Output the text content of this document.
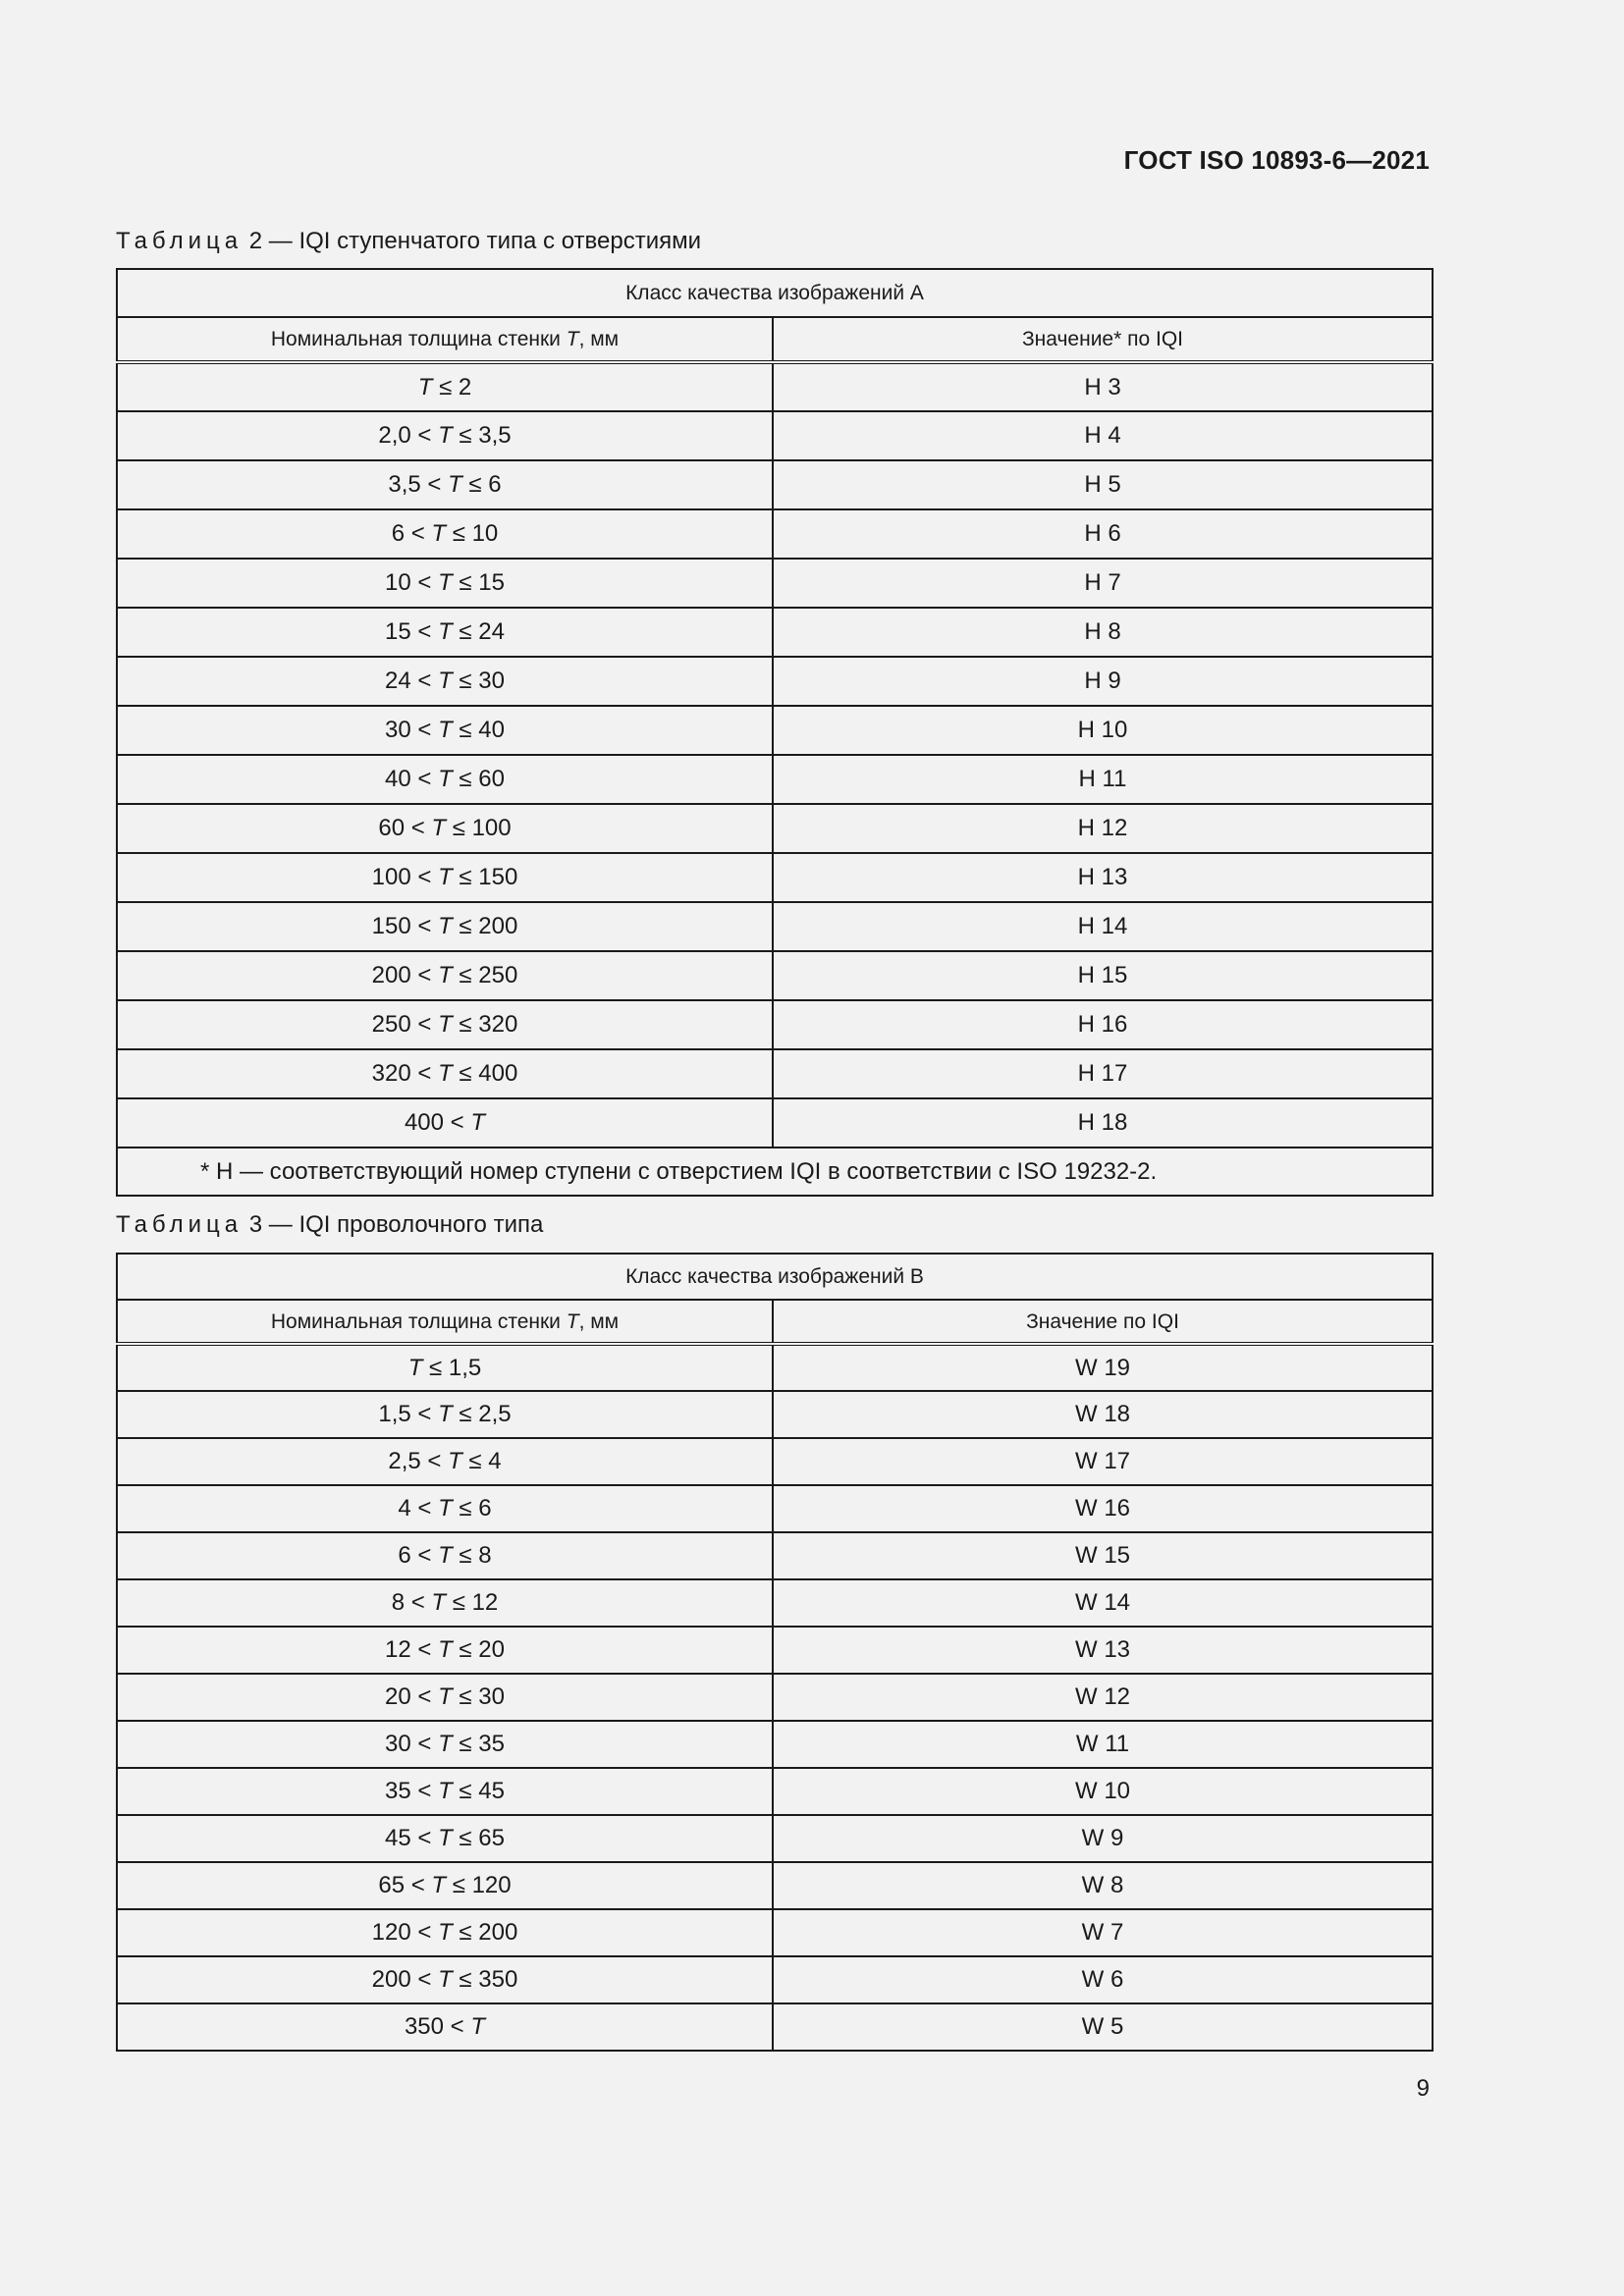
ГОСТ ISO 10893-6—2021
Таблица 2 — IQI ступенчатого типа с отверстиями
Класс качества изображений A	
Номинальная толщина стенки T, мм	Значение* по IQI
T ≤ 2	H 3
2,0 < T ≤ 3,5	H 4
3,5 < T ≤ 6	H 5
6 < T ≤ 10	H 6
10 < T ≤ 15	H 7
15 < T ≤ 24	H 8
24 < T ≤ 30	H 9
30 < T ≤ 40	H 10
40 < T ≤ 60	H 11
60 < T ≤ 100	H 12
100 < T ≤ 150	H 13
150 < T ≤ 200	H 14
200 < T ≤ 250	H 15
250 < T ≤ 320	H 16
320 < T ≤ 400	H 17
400 < T	H 18
* H — соответствующий номер ступени с отверстием IQI в соответствии с ISO 19232-2.	
Таблица 3 — IQI проволочного типа
Класс качества изображений B	
Номинальная толщина стенки T, мм	Значение по IQI
T ≤ 1,5	W 19
1,5 < T ≤ 2,5	W 18
2,5 < T ≤ 4	W 17
4 < T ≤ 6	W 16
6 < T ≤ 8	W 15
8 < T ≤ 12	W 14
12 < T ≤ 20	W 13
20 < T ≤ 30	W 12
30 < T ≤ 35	W 11
35 < T ≤ 45	W 10
45 < T ≤ 65	W 9
65 < T ≤ 120	W 8
120 < T ≤ 200	W 7
200 < T ≤ 350	W 6
350 < T	W 5
9
